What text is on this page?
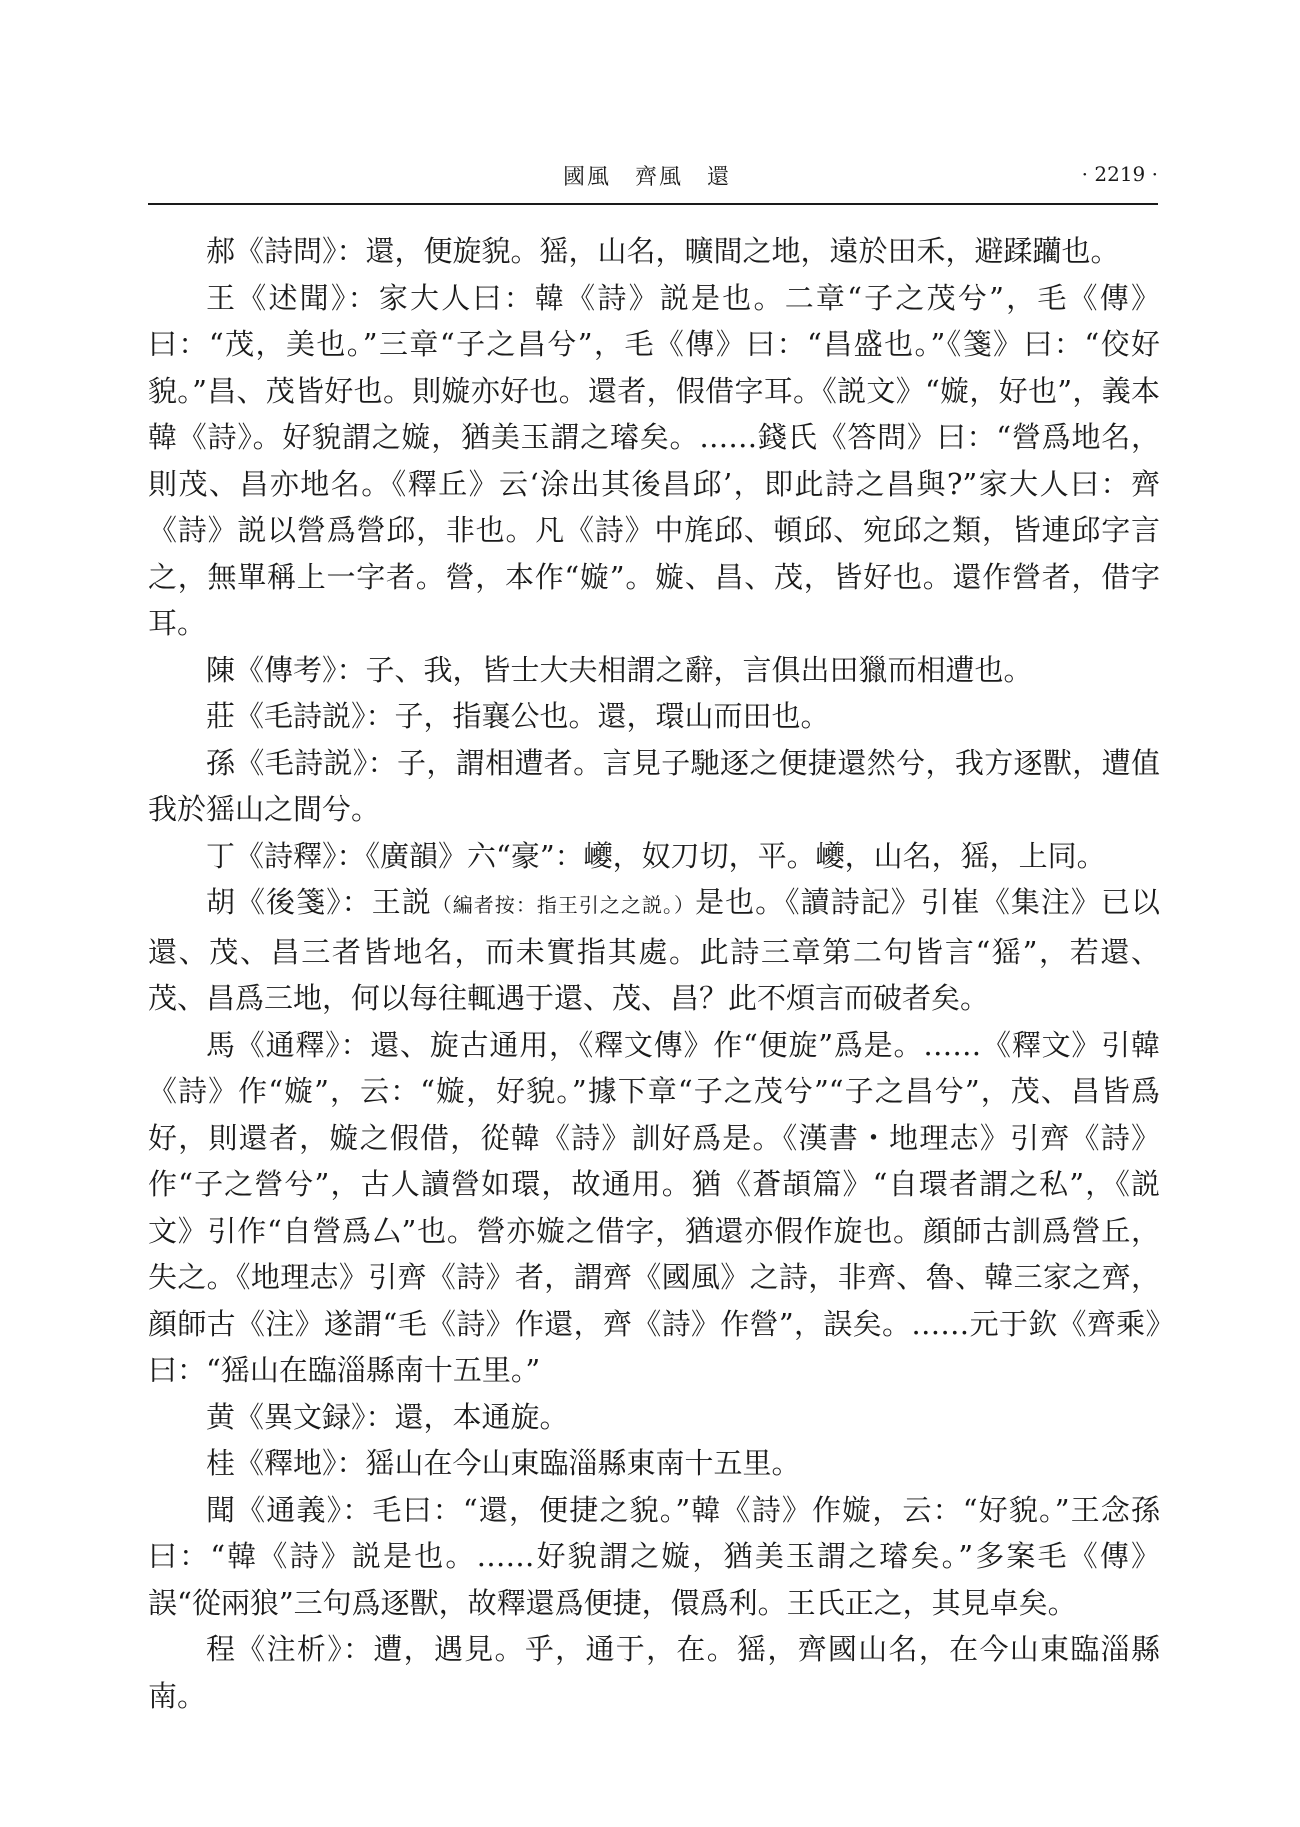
國風　齊風　還	· 2219 ·

郝《詩問》：還，便旋貌。猺，山名，曠間之地，遠於田禾，避蹂躪也。

王《述聞》：家大人曰：韓《詩》説是也。二章“子之茂兮”，毛《傳》曰：“茂，美也。”三章“子之昌兮”，毛《傳》曰：“昌盛也。”《箋》曰：“佼好貌。”昌、茂皆好也。則嫙亦好也。還者，假借字耳。《説文》“嫙，好也”，義本韓《詩》。好貌謂之嫙，猶美玉謂之璿矣。……錢氏《答問》曰：“營爲地名，則茂、昌亦地名。《釋丘》云‘涂出其後昌邱’，即此詩之昌與?”家大人曰：齊《詩》説以營爲營邱，非也。凡《詩》中旄邱、頓邱、宛邱之類，皆連邱字言之，無單稱上一字者。營，本作“嫙”。嫙、昌、茂，皆好也。還作營者，借字耳。

陳《傳考》：子、我，皆士大夫相謂之辭，言俱出田獵而相遭也。

莊《毛詩説》：子，指襄公也。還，環山而田也。

孫《毛詩説》：子，謂相遭者。言見子馳逐之便捷還然兮，我方逐獸，遭值我於猺山之間兮。

丁《詩釋》：《廣韻》六“豪”：巙，奴刀切，平。巙，山名，猺，上同。

胡《後箋》：王説（編者按：指王引之之説。）是也。《讀詩記》引崔《集注》已以還、茂、昌三者皆地名，而未實指其處。此詩三章第二句皆言“猺”，若還、茂、昌爲三地，何以每往輒遇于還、茂、昌？此不煩言而破者矣。

馬《通釋》：還、旋古通用，《釋文傳》作“便旋”爲是。……《釋文》引韓《詩》作“嫙”，云：“嫙，好貌。”據下章“子之茂兮”“子之昌兮”，茂、昌皆爲好，則還者，嫙之假借，從韓《詩》訓好爲是。《漢書・地理志》引齊《詩》作“子之營兮”，古人讀營如環，故通用。猶《蒼頡篇》“自環者謂之私”，《説文》引作“自營爲厶”也。營亦嫙之借字，猶還亦假作旋也。顔師古訓爲營丘，失之。《地理志》引齊《詩》者，謂齊《國風》之詩，非齊、魯、韓三家之齊，顔師古《注》遂謂“毛《詩》作還，齊《詩》作營”，誤矣。……元于欽《齊乘》曰：“猺山在臨淄縣南十五里。”

黄《異文録》：還，本通旋。

桂《釋地》：猺山在今山東臨淄縣東南十五里。

聞《通義》：毛曰：“還，便捷之貌。”韓《詩》作嫙，云：“好貌。”王念孫曰：“韓《詩》説是也。……好貌謂之嫙，猶美玉謂之璿矣。”多案毛《傳》誤“從兩狼”三句爲逐獸，故釋還爲便捷，儇爲利。王氏正之，其見卓矣。

程《注析》：遭，遇見。乎，通于，在。猺，齊國山名，在今山東臨淄縣南。
